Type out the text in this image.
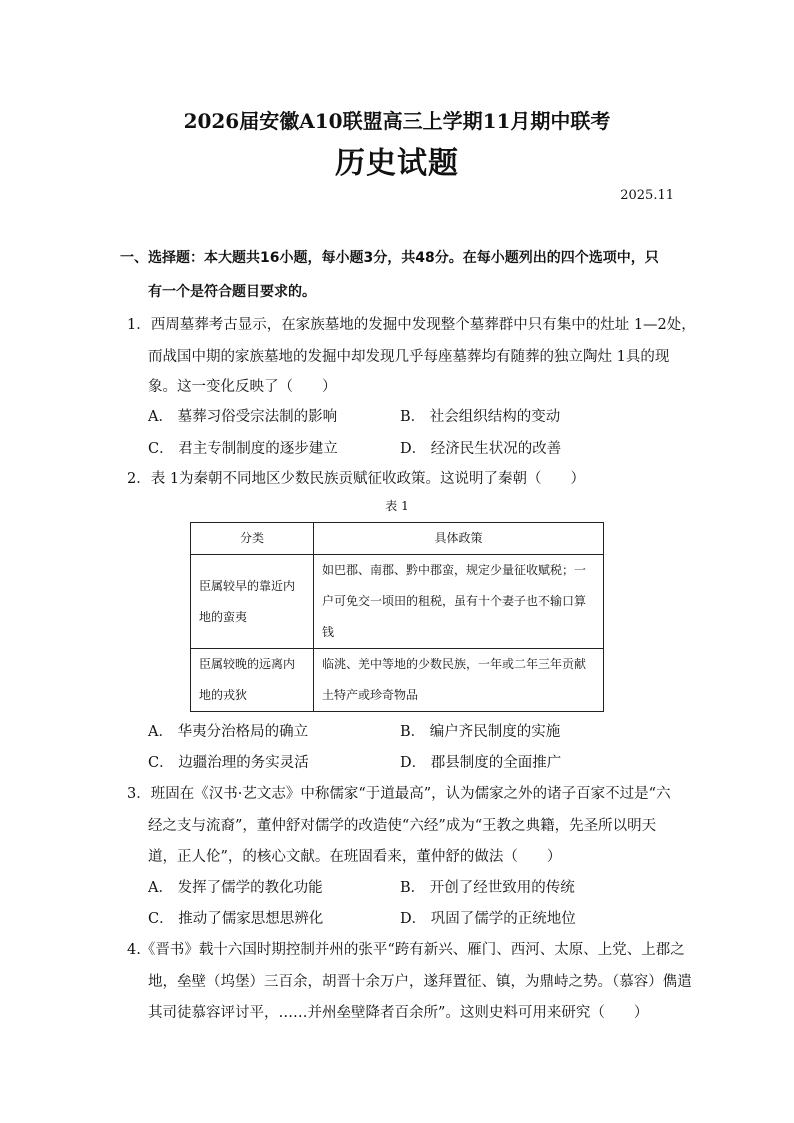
2026届安徽A10联盟高三上学期11月期中联考
历史试题
2025.11
一、选择题：本大题共16小题，每小题3分，共48分。在每小题列出的四个选项中，只
有一个是符合题目要求的。
1．西周墓葬考古显示，在家族墓地的发掘中发现整个墓葬群中只有集中的灶址 1—2处，
而战国中期的家族墓地的发掘中却发现几乎每座墓葬均有随葬的独立陶灶 1具的现
象。这一变化反映了（　　）
A． 墓葬习俗受宗法制的影响	B． 社会组织结构的变动
C． 君主专制制度的逐步建立	D． 经济民生状况的改善
2．表 1为秦朝不同地区少数民族贡赋征收政策。这说明了秦朝（　　）
表 1
分类	具体政策
臣属较早的靠近内地的蛮夷	如巴郡、南郡、黔中郡蛮，规定少量征收赋税；一户可免交一顷田的租税，虽有十个妻子也不输口算钱
臣属较晚的远离内地的戎狄	临洮、羌中等地的少数民族，一年或二年三年贡献土特产或珍奇物品
A． 华夷分治格局的确立	B． 编户齐民制度的实施
C． 边疆治理的务实灵活	D． 郡县制度的全面推广
3．班固在《汉书·艺文志》中称儒家“于道最高”，认为儒家之外的诸子百家不过是“六
经之支与流裔”，董仲舒对儒学的改造使“六经”成为“王教之典籍，先圣所以明天
道，正人伦”，的核心文献。在班固看来，董仲舒的做法（　　）
A． 发挥了儒学的教化功能	B． 开创了经世致用的传统
C． 推动了儒家思想思辨化	D． 巩固了儒学的正统地位
4.《晋书》载十六国时期控制并州的张平“跨有新兴、雁门、西河、太原、上党、上郡之
地，垒壁（坞堡）三百余，胡晋十余万户，遂拜置征、镇，为鼎峙之势。（慕容）儁遣
其司徒慕容评讨平，……并州垒壁降者百余所”。这则史料可用来研究（　　）
